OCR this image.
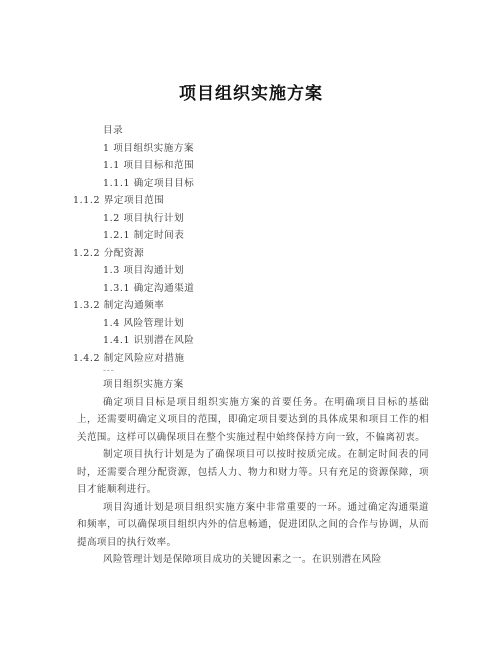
项目组织实施方案
目录
1 项目组织实施方案
1.1 项目目标和范围
1.1.1 确定项目目标
1.1.2 界定项目范围
1.2 项目执行计划
1.2.1 制定时间表
1.2.2 分配资源
1.3 项目沟通计划
1.3.1 确定沟通渠道
1.3.2 制定沟通频率
1.4 风险管理计划
1.4.1 识别潜在风险
1.4.2 制定风险应对措施
---
项目组织实施方案

确定项目目标是项目组织实施方案的首要任务。在明确项目目标的基础上，还需要明确定义项目的范围，即确定项目要达到的具体成果和项目工作的相关范围。这样可以确保项目在整个实施过程中始终保持方向一致，不偏离初衷。

制定项目执行计划是为了确保项目可以按时按质完成。在制定时间表的同时，还需要合理分配资源，包括人力、物力和财力等。只有充足的资源保障，项目才能顺利进行。

项目沟通计划是项目组织实施方案中非常重要的一环。通过确定沟通渠道和频率，可以确保项目组织内外的信息畅通，促进团队之间的合作与协调，从而提高项目的执行效率。

风险管理计划是保障项目成功的关键因素之一。在识别潜在风险
